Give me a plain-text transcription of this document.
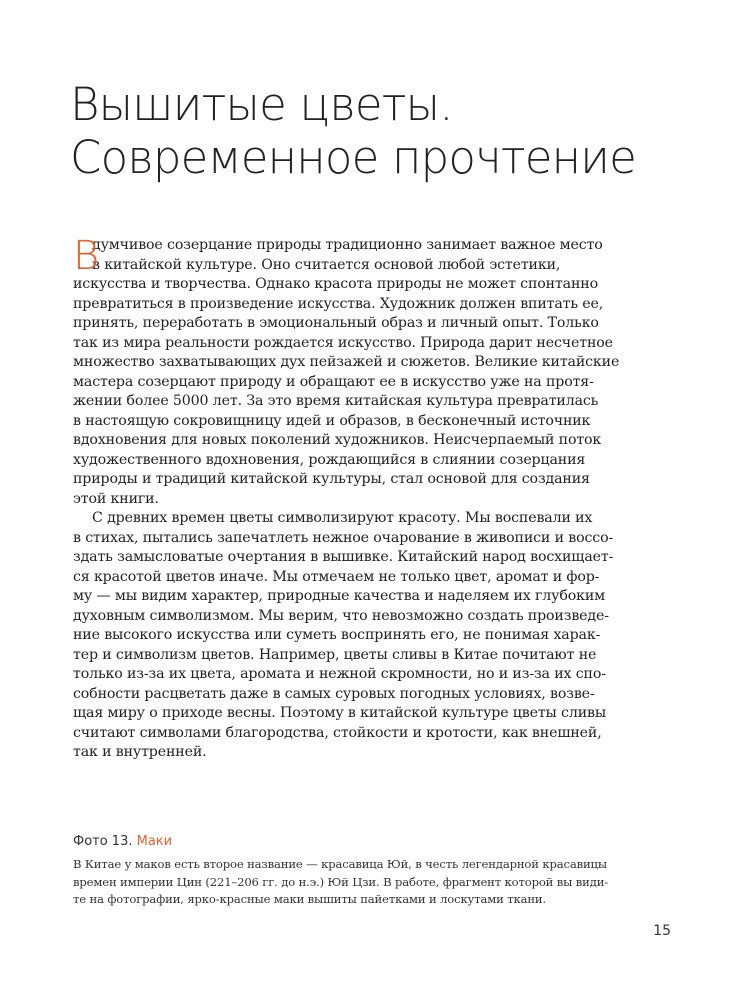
Вышитые цветы.
Современное прочтение
В
думчивое созерцание природы традиционно занимает важное место
в китайской культуре. Оно считается основой любой эстетики,
искусства и творчества. Однако красота природы не может спонтанно
превратиться в произведение искусства. Художник должен впитать ее,
принять, переработать в эмоциональный образ и личный опыт. Только
так из мира реальности рождается искусство. Природа дарит несчетное
множество захватывающих дух пейзажей и сюжетов. Великие китайские
мастера созерцают природу и обращают ее в искусство уже на протя-
жении более 5000 лет. За это время китайская культура превратилась
в настоящую сокровищницу идей и образов, в бесконечный источник
вдохновения для новых поколений художников. Неисчерпаемый поток
художественного вдохновения, рождающийся в слиянии созерцания
природы и традиций китайской культуры, стал основой для создания
этой книги.
С древних времен цветы символизируют красоту. Мы воспевали их
в стихах, пытались запечатлеть нежное очарование в живописи и воссо-
здать замысловатые очертания в вышивке. Китайский народ восхищает-
ся красотой цветов иначе. Мы отмечаем не только цвет, аромат и фор-
му — мы видим характер, природные качества и наделяем их глубоким
духовным символизмом. Мы верим, что невозможно создать произведе-
ние высокого искусства или суметь воспринять его, не понимая харак-
тер и символизм цветов. Например, цветы сливы в Китае почитают не
только из-за их цвета, аромата и нежной скромности, но и из-за их спо-
собности расцветать даже в самых суровых погодных условиях, возве-
щая миру о приходе весны. Поэтому в китайской культуре цветы сливы
считают символами благородства, стойкости и кротости, как внешней,
так и внутренней.
Фото 13. Маки
В Китае у маков есть второе название — красавица Юй, в честь легендарной красавицы
времен империи Цин (221–206 гг. до н.э.) Юй Цзи. В работе, фрагмент которой вы види-
те на фотографии, ярко-красные маки вышиты пайетками и лоскутами ткани.
15
